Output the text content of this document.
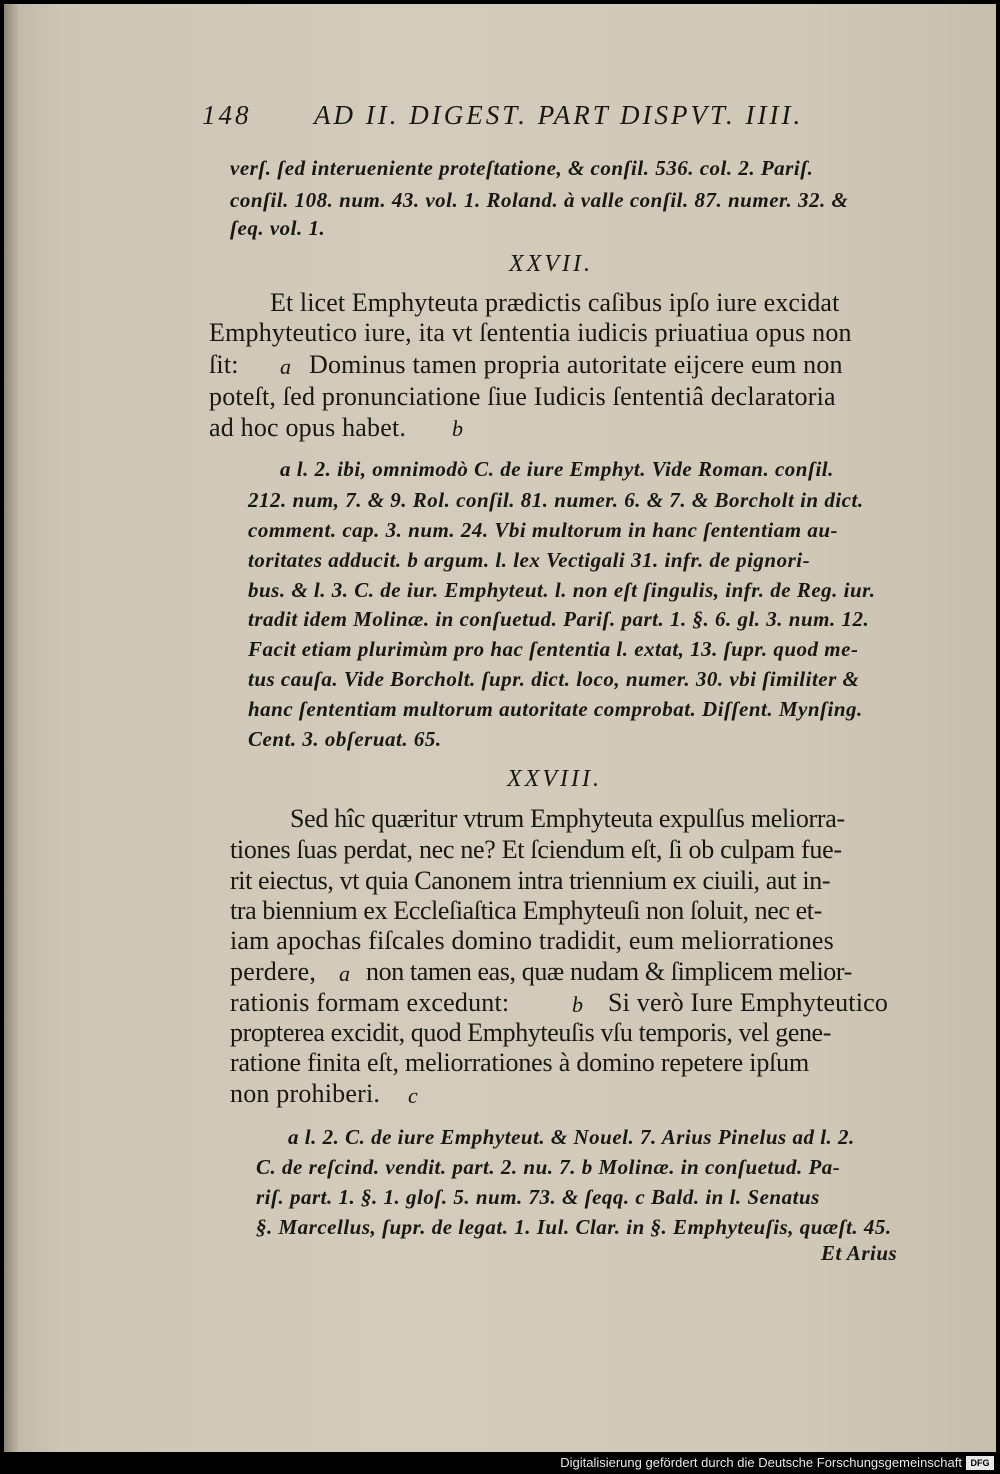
148 AD II. DIGEST. PART DISPVT. IIII.
verſ. ſed interueniente proteſtatione, & conſil. 536. col. 2. Pariſ.
conſil. 108. num. 43. vol. 1. Roland. à valle conſil. 87. numer. 32. &
ſeq. vol. 1.
XXVII.
Et licet Emphyteuta prædictis caſibus ipſo iure excidat
Emphyteutico iure, ita vt ſententia iudicis priuatiua opus non
ſit: a Dominus tamen propria autoritate eijcere eum non
poteſt, ſed pronunciatione ſiue Iudicis ſententiâ declaratoria
ad hoc opus habet. b
a l. 2. ibi, omnimodò C. de iure Emphyt. Vide Roman. conſil.
212. num, 7. & 9. Rol. conſil. 81. numer. 6. & 7. & Borcholt in dict.
comment. cap. 3. num. 24. Vbi multorum in hanc ſententiam au-
toritates adducit. b argum. l. lex Vectigali 31. infr. de pignori-
bus. & l. 3. C. de iur. Emphyteut. l. non eſt ſingulis, infr. de Reg. iur.
tradit idem Molinæ. in conſuetud. Pariſ. part. 1. §. 6. gl. 3. num. 12.
Facit etiam plurimùm pro hac ſententia l. extat, 13. ſupr. quod me-
tus cauſa. Vide Borcholt. ſupr. dict. loco, numer. 30. vbi ſimiliter &
hanc ſententiam multorum autoritate comprobat. Diſſent. Mynſing.
Cent. 3. obſeruat. 65.
XXVIII.
Sed hîc quæritur vtrum Emphyteuta expulſus meliorra-
tiones ſuas perdat, nec ne? Et ſciendum eſt, ſi ob culpam fue-
rit eiectus, vt quia Canonem intra triennium ex ciuili, aut in-
tra biennium ex Eccleſiaſtica Emphyteuſi non ſoluit, nec et-
iam apochas fiſcales domino tradidit, eum meliorrationes
perdere, a non tamen eas, quæ nudam & ſimplicem melior-
rationis formam excedunt:	b Si verò Iure Emphyteutico
propterea excidit, quod Emphyteuſis vſu temporis, vel gene-
ratione finita eſt, meliorrationes à domino repetere ipſum
non prohiberi. c
a l. 2. C. de iure Emphyteut. & Nouel. 7. Arius Pinelus ad l. 2.
C. de reſcind. vendit. part. 2. nu. 7. b Molinæ. in conſuetud. Pa-
riſ. part. 1. §. 1. gloſ. 5. num. 73. & ſeqq. c Bald. in l. Senatus
§. Marcellus, ſupr. de legat. 1. Iul. Clar. in §. Emphyteuſis, quæſt. 45.
Et Arius
Digitalisierung gefördert durch die Deutsche Forschungsgemeinschaft DFG
